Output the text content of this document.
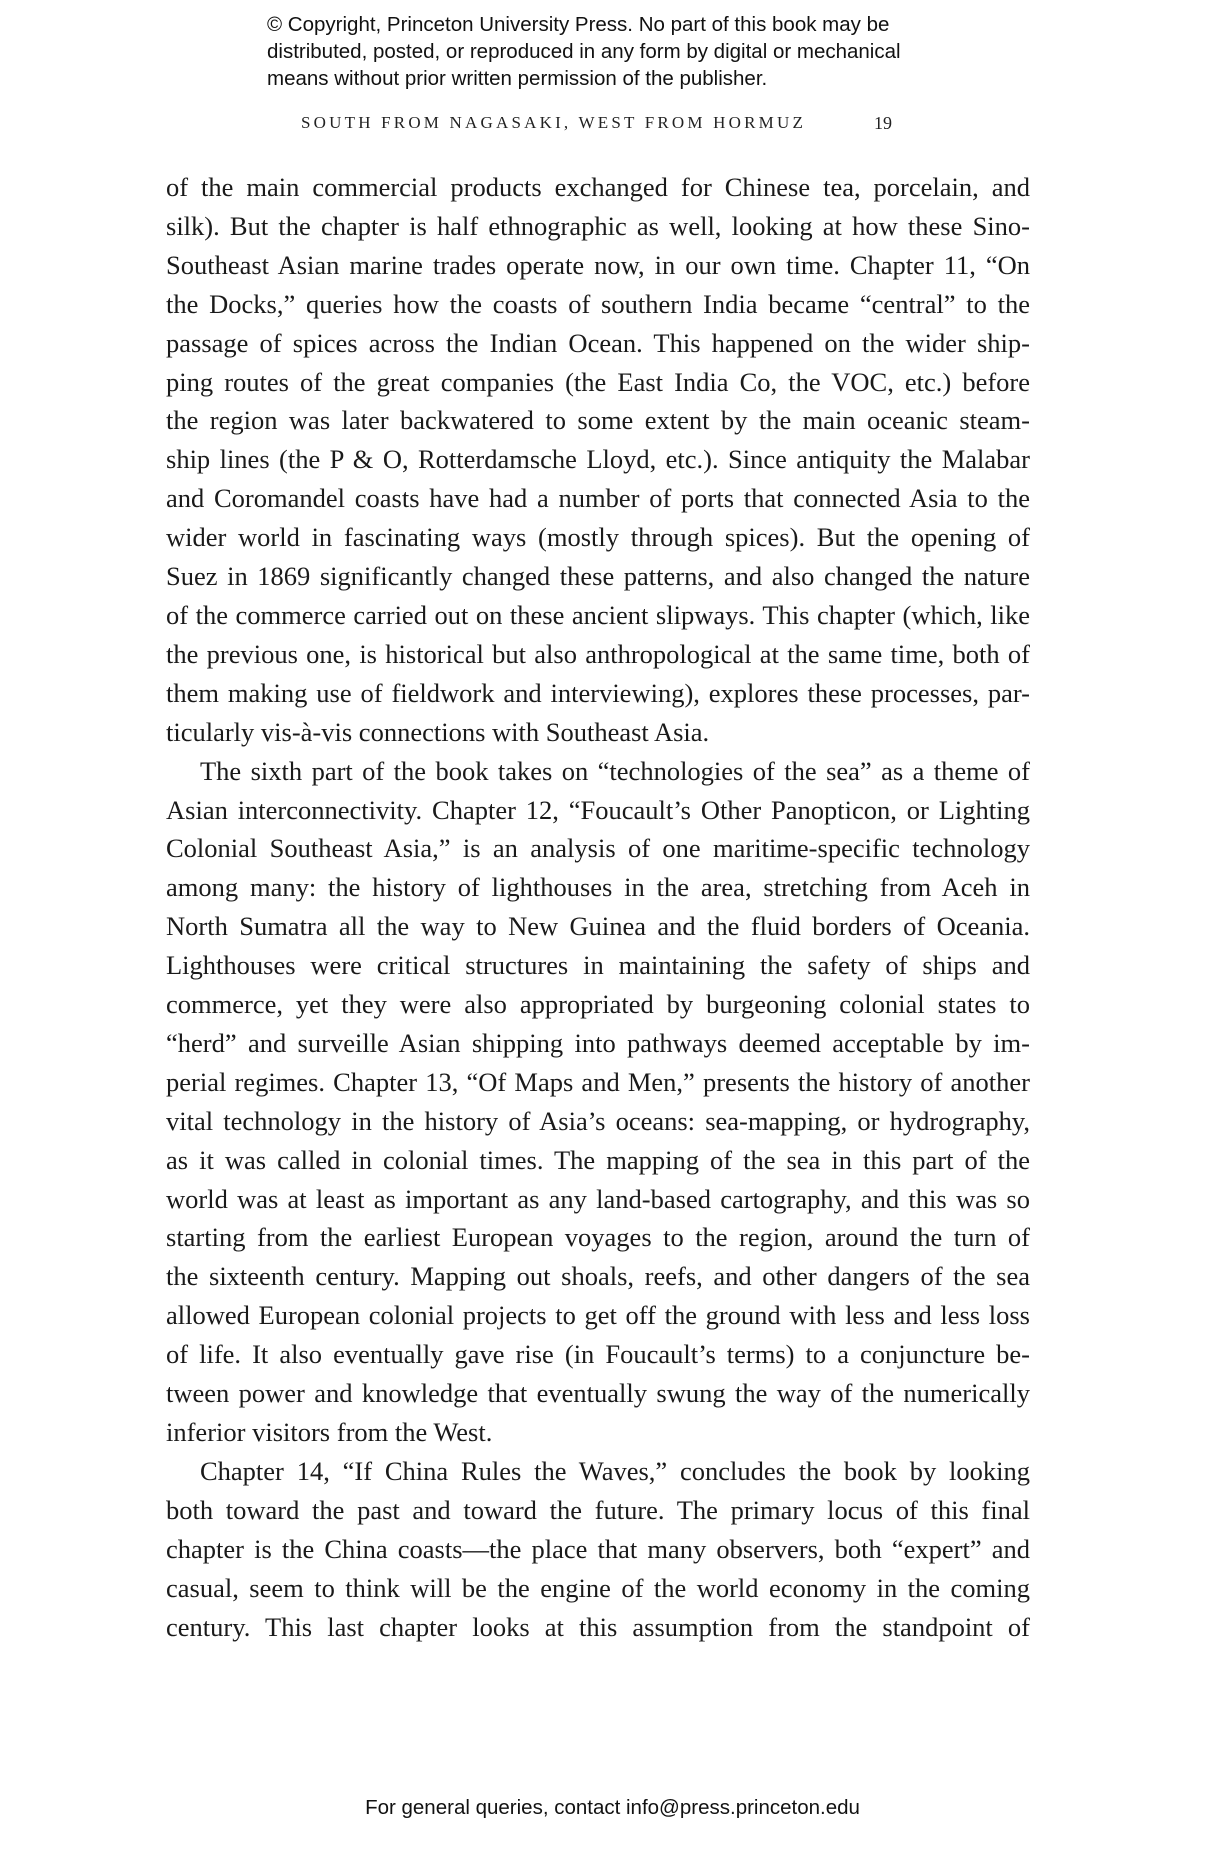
© Copyright, Princeton University Press. No part of this book may be
distributed, posted, or reproduced in any form by digital or mechanical
means without prior written permission of the publisher.
SOUTH FROM NAGASAKI, WEST FROM HORMUZ	19
of the main commercial products exchanged for Chinese tea, porcelain, and
silk). But the chapter is half ethnographic as well, looking at how these Sino-
Southeast Asian marine trades operate now, in our own time. Chapter 11, “On
the Docks,” queries how the coasts of southern India became “central” to the
passage of spices across the Indian Ocean. This happened on the wider ship-
ping routes of the great companies (the East India Co, the VOC, etc.) before
the region was later backwatered to some extent by the main oceanic steam-
ship lines (the P & O, Rotterdamsche Lloyd, etc.). Since antiquity the Malabar
and Coromandel coasts have had a number of ports that connected Asia to the
wider world in fascinating ways (mostly through spices). But the opening of
Suez in 1869 significantly changed these patterns, and also changed the nature
of the commerce carried out on these ancient slipways. This chapter (which, like
the previous one, is historical but also anthropological at the same time, both of
them making use of fieldwork and interviewing), explores these processes, par-
ticularly vis-à-vis connections with Southeast Asia.
The sixth part of the book takes on “technologies of the sea” as a theme of
Asian interconnectivity. Chapter 12, “Foucault’s Other Panopticon, or Lighting
Colonial Southeast Asia,” is an analysis of one maritime-specific technology
among many: the history of lighthouses in the area, stretching from Aceh in
North Sumatra all the way to New Guinea and the fluid borders of Oceania.
Lighthouses were critical structures in maintaining the safety of ships and
commerce, yet they were also appropriated by burgeoning colonial states to
“herd” and surveille Asian shipping into pathways deemed acceptable by im-
perial regimes. Chapter 13, “Of Maps and Men,” presents the history of another
vital technology in the history of Asia’s oceans: sea-mapping, or hydrography,
as it was called in colonial times. The mapping of the sea in this part of the
world was at least as important as any land-based cartography, and this was so
starting from the earliest European voyages to the region, around the turn of
the sixteenth century. Mapping out shoals, reefs, and other dangers of the sea
allowed European colonial projects to get off the ground with less and less loss
of life. It also eventually gave rise (in Foucault’s terms) to a conjuncture be-
tween power and knowledge that eventually swung the way of the numerically
inferior visitors from the West.
Chapter 14, “If China Rules the Waves,” concludes the book by looking
both toward the past and toward the future. The primary locus of this final
chapter is the China coasts—the place that many observers, both “expert” and
casual, seem to think will be the engine of the world economy in the coming
century. This last chapter looks at this assumption from the standpoint of
For general queries, contact info@press.princeton.edu
